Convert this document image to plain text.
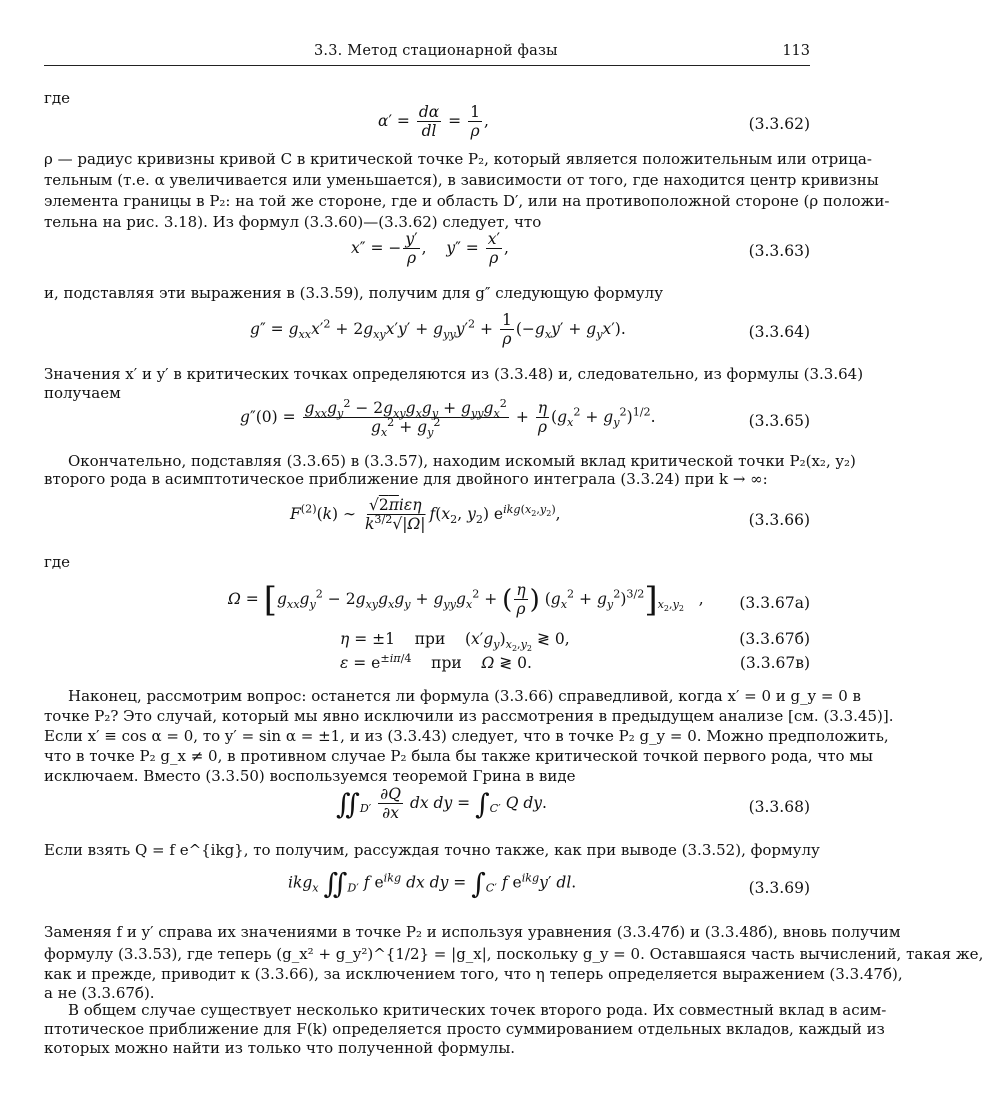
3.3. Метод стационарной фазы	113
где
$\alpha' = \frac{d\alpha}{dl} = \frac{1}{\rho}$ ,	(3.3.62)
ρ — радиус кривизны кривой C в критической точке P₂, который является положительным или отрица-
тельным (т.е. α увеличивается или уменьшается), в зависимости от того, где находится центр кривизны
элемента границы в P₂: на той же стороне, где и область D′, или на противоположной стороне (ρ положи-
тельна на рис. 3.18). Из формул (3.3.60)—(3.3.62) следует, что
x″ = − $\frac{y'}{\rho}$ ,    $y'' = \frac{x'}{\rho}$ ,	(3.3.63)
и, подставляя эти выражения в (3.3.59), получим для g″ следующую формулу
$g'' = g_{xx}x'^2 + 2g_{xy}x'y' + g_{yy}y'^2 + \frac{1}{\rho} (-g_xy' + g_yx')$.	(3.3.64)
Значения x′ и y′ в критических точках определяются из (3.3.48) и, следовательно, из формулы (3.3.64)
получаем
$g''(0) = \frac{g_{xx}g_y^2 - 2g_{xy}g_xg_y + g_{yy}g_x^2}{g_x^2 + g_y^2} + \frac{\eta}{\rho} (g_x^2 + g_y^2)^{1/2}$.	(3.3.65)
Окончательно, подставляя (3.3.65) в (3.3.57), находим искомый вклад критической точки P₂(x₂, y₂)
второго рода в асимптотическое приближение для двойного интеграла (3.3.24) при k → ∞:
$F^{(2)}(k)$ ∼ $\frac{\text{√2πiεη}}{k^{3/2}√|\Omega|} f(x_2$, $y_2$) $e^{ikg(x_2,y_2)}$,	(3.3.66)
где
$\Omega = [g_{xx}g_y^2 - 2g_{xy}g_xg_y + g_{yy}g_x^2$ + ( $\frac{\eta}{\rho}$ ) $(g_x^2 + g_y^2)^{3/2}]_{x_2,y_2}$   , (3.3.67а)
η = ±1    при    $(x'g_y)_{x_2,y_2}$ ≷ 0,	(3.3.67б)
$\varepsilon = e^{\pm i\pi/4}$    при    Ω ≷ 0.	(3.3.67в)
Наконец, рассмотрим вопрос: останется ли формула (3.3.66) справедливой, когда x′ = 0 и g_y = 0 в
точке P₂? Это случай, который мы явно исключили из рассмотрения в предыдущем анализе [см. (3.3.45)].
Если x′ ≡ cos α = 0, то y′ = sin α = ±1, и из (3.3.43) следует, что в точке P₂ g_y = 0. Можно предположить,
что в точке P₂ g_x ≠ 0, в противном случае P₂ была бы также критической точкой первого рода, что мы
исключаем. Вместо (3.3.50) воспользуемся теоремой Грина в виде
$∬_{D'} \frac{\partial Q}{\partial x}$ dx dy = $\int_{C'}$ Q dy.	(3.3.68)
Если взять Q = f e^{ikg}, то получим, рассуждая точно также, как при выводе (3.3.52), формулу
ikg$_x$ $∬_{D'}$ f $e^{ikg}$ dx dy = $\int_{C'}$ f $e^{ikg}y'$ dl.	(3.3.69)
Заменяя f и y′ справа их значениями в точке P₂ и используя уравнения (3.3.47б) и (3.3.48б), вновь получим
формулу (3.3.53), где теперь (g_x² + g_y²)^{1/2} = |g_x|, поскольку g_y = 0. Оставшаяся часть вычислений, такая же,
как и прежде, приводит к (3.3.66), за исключением того, что η теперь определяется выражением (3.3.47б),
а не (3.3.67б).
В общем случае существует несколько критических точек второго рода. Их совместный вклад в асим-
птотическое приближение для F(k) определяется просто суммированием отдельных вкладов, каждый из
которых можно найти из только что полученной формулы.
